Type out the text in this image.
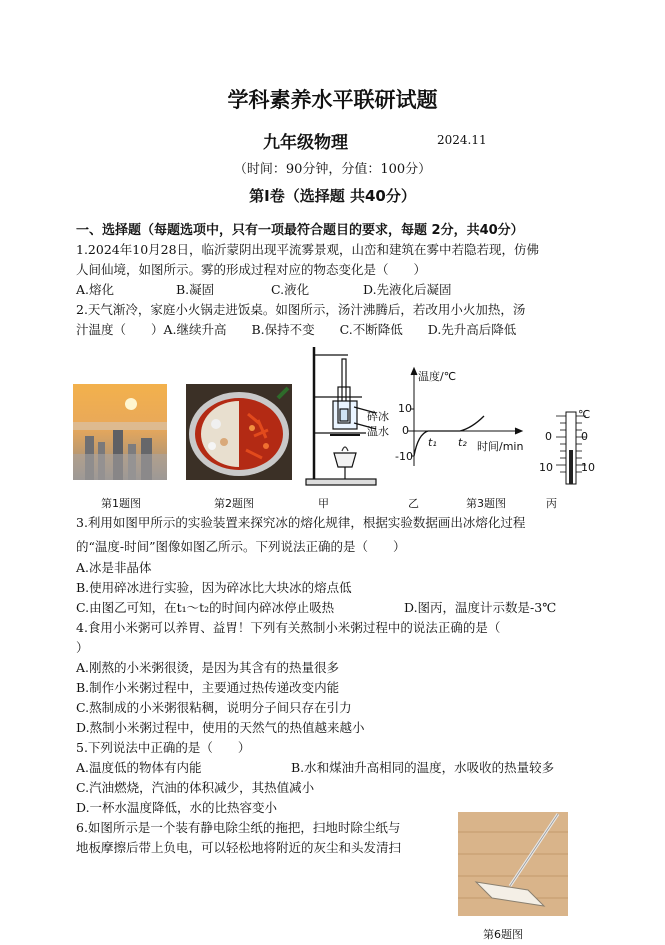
学科素养水平联研试题
九年级物理	2024.11
（时间：90分钟，分值：100分）
第Ⅰ卷（选择题 共40分）
一、选择题（每题选项中，只有一项最符合题目的要求，每题 2分，共40分）
1.2024年10月28日，临沂蒙阴出现平流雾景观，山峦和建筑在雾中若隐若现，仿佛
人间仙境，如图所示。雾的形成过程对应的物态变化是（　　）
A.熔化	B.凝固	C.液化	D.先液化后凝固
2.天气渐冷，家庭小火锅走进饭桌。如图所示，汤汁沸腾后，若改用小火加热，汤
汁温度（　　）A.继续升高　　B.保持不变　　C.不断降低　　D.先升高后降低
第1题图	第2题图
碎冰
温水
甲
温度/℃
10
0
-10
t₁ t₂ 时间/min
乙	第3题图
℃
0	0
10	10
丙
3.利用如图甲所示的实验装置来探究冰的熔化规律，根据实验数据画出冰熔化过程
的“温度-时间”图像如图乙所示。下列说法正确的是（　　）
A.冰是非晶体
B.使用碎冰进行实验，因为碎冰比大块冰的熔点低
C.由图乙可知，在t₁～t₂的时间内碎冰停止吸热	D.图丙，温度计示数是-3℃
4.食用小米粥可以养胃、益胃！下列有关熬制小米粥过程中的说法正确的是（
）
A.刚熬的小米粥很烫，是因为其含有的热量很多
B.制作小米粥过程中，主要通过热传递改变内能
C.熬制成的小米粥很粘稠，说明分子间只存在引力
D.熬制小米粥过程中，使用的天然气的热值越来越小
5.下列说法中正确的是（　　）
A.温度低的物体有内能	B.水和煤油升高相同的温度，水吸收的热量较多
C.汽油燃烧，汽油的体积减少，其热值减小
D.一杯水温度降低，水的比热容变小
6.如图所示是一个装有静电除尘纸的拖把，扫地时除尘纸与
地板摩擦后带上负电，可以轻松地将附近的灰尘和头发清扫
第6题图
